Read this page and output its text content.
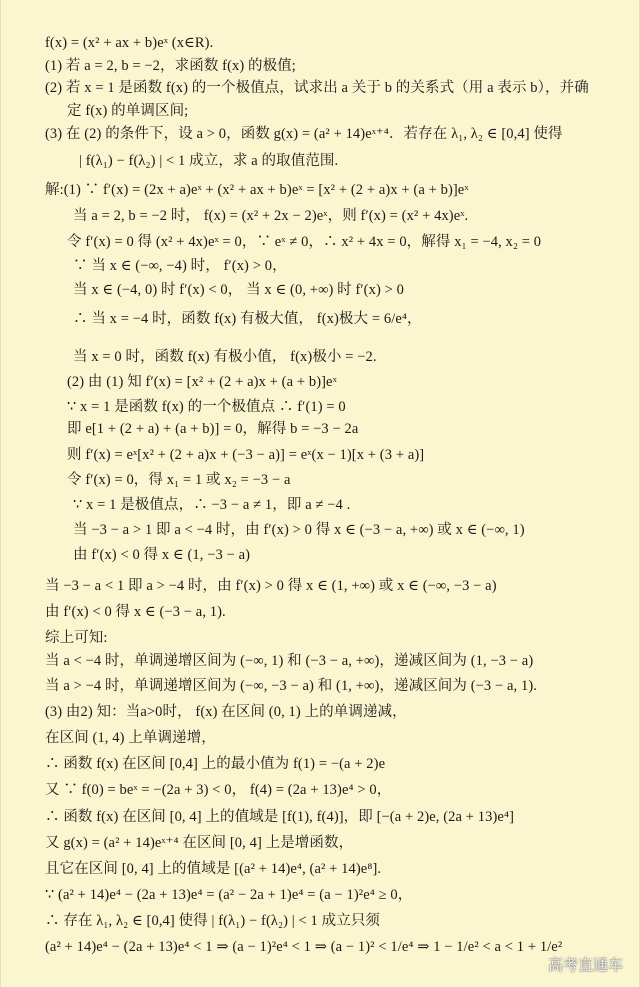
f(x) = (x² + ax + b)eˣ (x∈R).
(1) 若 a = 2, b = −2，求函数 f(x) 的极值;
(2) 若 x = 1 是函数 f(x) 的一个极值点，试求出 a 关于 b 的关系式（用 a 表示 b），并确
定 f(x) 的单调区间;
(3) 在 (2) 的条件下，设 a > 0，函数 g(x) = (a² + 14)eˣ⁺⁴．若存在 λ₁, λ₂ ∈ [0,4] 使得
| f(λ₁) − f(λ₂) | < 1 成立，求 a 的取值范围.
解:(1) ∵ f′(x) = (2x + a)eˣ + (x² + ax + b)eˣ = [x² + (2 + a)x + (a + b)]eˣ
当 a = 2, b = −2 时， f(x) = (x² + 2x − 2)eˣ，则 f′(x) = (x² + 4x)eˣ.
令 f′(x) = 0 得 (x² + 4x)eˣ = 0，∵ eˣ ≠ 0，∴ x² + 4x = 0，解得 x₁ = −4, x₂ = 0
∵ 当 x ∈ (−∞, −4) 时， f′(x) > 0，
当 x ∈ (−4, 0) 时 f′(x) < 0， 当 x ∈ (0, +∞) 时 f′(x) > 0
∴ 当 x = −4 时，函数 f(x) 有极大值， f(x)极大 = 6/e⁴，
当 x = 0 时，函数 f(x) 有极小值， f(x)极小 = −2.
(2) 由 (1) 知 f′(x) = [x² + (2 + a)x + (a + b)]eˣ
∵ x = 1 是函数 f(x) 的一个极值点 ∴ f′(1) = 0
即 e[1 + (2 + a) + (a + b)] = 0，解得 b = −3 − 2a
则 f′(x) = eˣ[x² + (2 + a)x + (−3 − a)] = eˣ(x − 1)[x + (3 + a)]
令 f′(x) = 0，得 x₁ = 1 或 x₂ = −3 − a
∵ x = 1 是极值点，∴ −3 − a ≠ 1，即 a ≠ −4 .
当 −3 − a > 1 即 a < −4 时，由 f′(x) > 0 得 x ∈ (−3 − a, +∞) 或 x ∈ (−∞, 1)
由 f′(x) < 0 得 x ∈ (1, −3 − a)
当 −3 − a < 1 即 a > −4 时，由 f′(x) > 0 得 x ∈ (1, +∞) 或 x ∈ (−∞, −3 − a)
由 f′(x) < 0 得 x ∈ (−3 − a, 1).
综上可知:
当 a < −4 时，单调递增区间为 (−∞, 1) 和 (−3 − a, +∞)，递减区间为 (1, −3 − a)
当 a > −4 时，单调递增区间为 (−∞, −3 − a) 和 (1, +∞)，递减区间为 (−3 − a, 1).
(3) 由2) 知：当a>0时， f(x) 在区间 (0, 1) 上的单调递减，
在区间 (1, 4) 上单调递增，
∴ 函数 f(x) 在区间 [0,4] 上的最小值为 f(1) = −(a + 2)e
又 ∵ f(0) = beˣ = −(2a + 3) < 0， f(4) = (2a + 13)e⁴ > 0，
∴ 函数 f(x) 在区间 [0, 4] 上的值域是 [f(1), f(4)]，即 [−(a + 2)e, (2a + 13)e⁴]
又 g(x) = (a² + 14)eˣ⁺⁴ 在区间 [0, 4] 上是增函数，
且它在区间 [0, 4] 上的值域是 [(a² + 14)e⁴, (a² + 14)e⁸].
∵ (a² + 14)e⁴ − (2a + 13)e⁴ = (a² − 2a + 1)e⁴ = (a − 1)²e⁴ ≥ 0，
∴ 存在 λ₁, λ₂ ∈ [0,4] 使得 | f(λ₁) − f(λ₂) | < 1 成立只须
(a² + 14)e⁴ − (2a + 13)e⁴ < 1 ⇒ (a − 1)²e⁴ < 1 ⇒ (a − 1)² < 1/e⁴ ⇒ 1 − 1/e² < a < 1 + 1/e²
高考直通车
